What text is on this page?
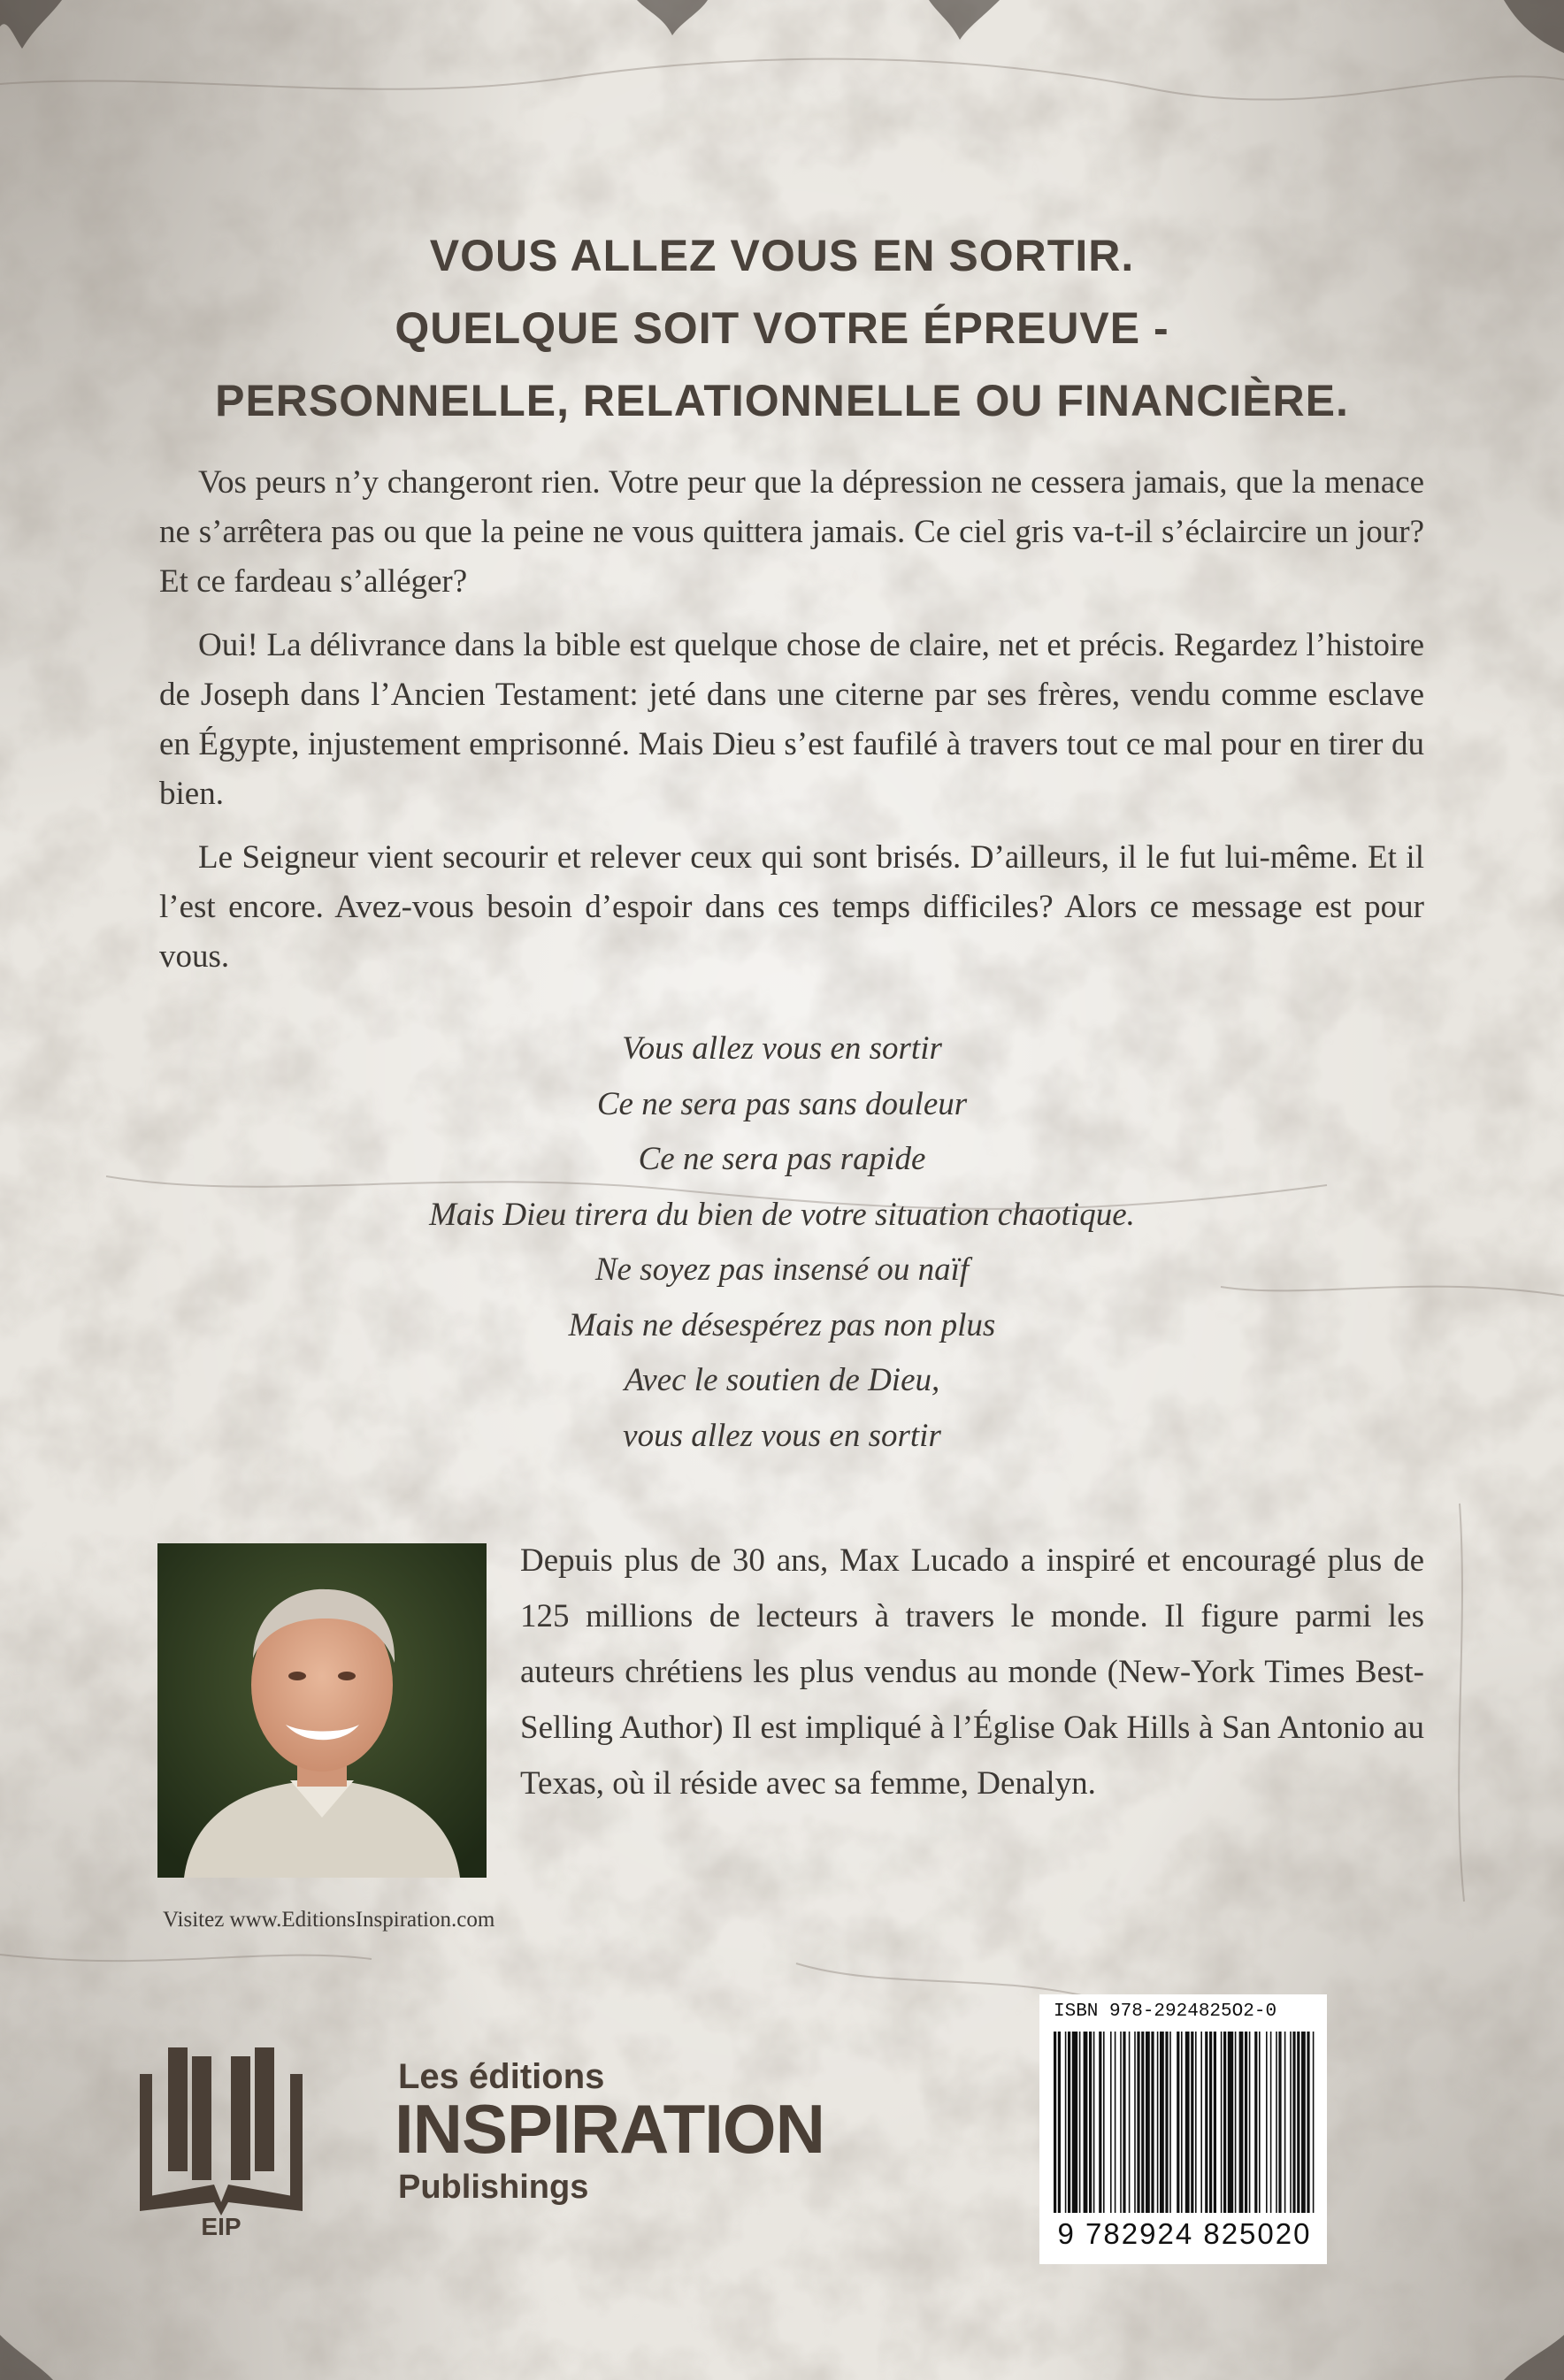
VOUS ALLEZ VOUS EN SORTIR.
QUELQUE SOIT VOTRE ÉPREUVE -
PERSONNELLE, RELATIONNELLE OU FINANCIÈRE.

Vos peurs n’y changeront rien. Votre peur que la dépression ne cessera jamais, que la menace ne s’arrêtera pas ou que la peine ne vous quittera jamais. Ce ciel gris va-t-il s’éclaircire un jour? Et ce fardeau s’alléger?

Oui! La délivrance dans la bible est quelque chose de claire, net et précis. Regardez l’histoire de Joseph dans l’Ancien Testament: jeté dans une citerne par ses frères, vendu comme esclave en Égypte, injustement emprisonné. Mais Dieu s’est faufilé à travers tout ce mal pour en tirer du bien.

Le Seigneur vient secourir et relever ceux qui sont brisés. D’ailleurs, il le fut lui-même. Et il l’est encore. Avez-vous besoin d’espoir dans ces temps difficiles? Alors ce message est pour vous.

Vous allez vous en sortir
Ce ne sera pas sans douleur
Ce ne sera pas rapide
Mais Dieu tirera du bien de votre situation chaotique.
Ne soyez pas insensé ou naïf
Mais ne désespérez pas non plus
Avec le soutien de Dieu,
vous allez vous en sortir
Depuis plus de 30 ans, Max Lucado a inspiré et encouragé plus de 125 millions de lecteurs à travers le monde. Il figure parmi les auteurs chrétiens les plus vendus au monde (New-York Times Best-Selling Author) Il est impliqué à l’Église Oak Hills à San Antonio au Texas, où il réside avec sa femme, Denalyn.
Visitez www.EditionsInspiration.com
EIP
Les éditions
INSPIRATION
Publishings
ISBN 978-2924825O2-0
9 782924 825020
